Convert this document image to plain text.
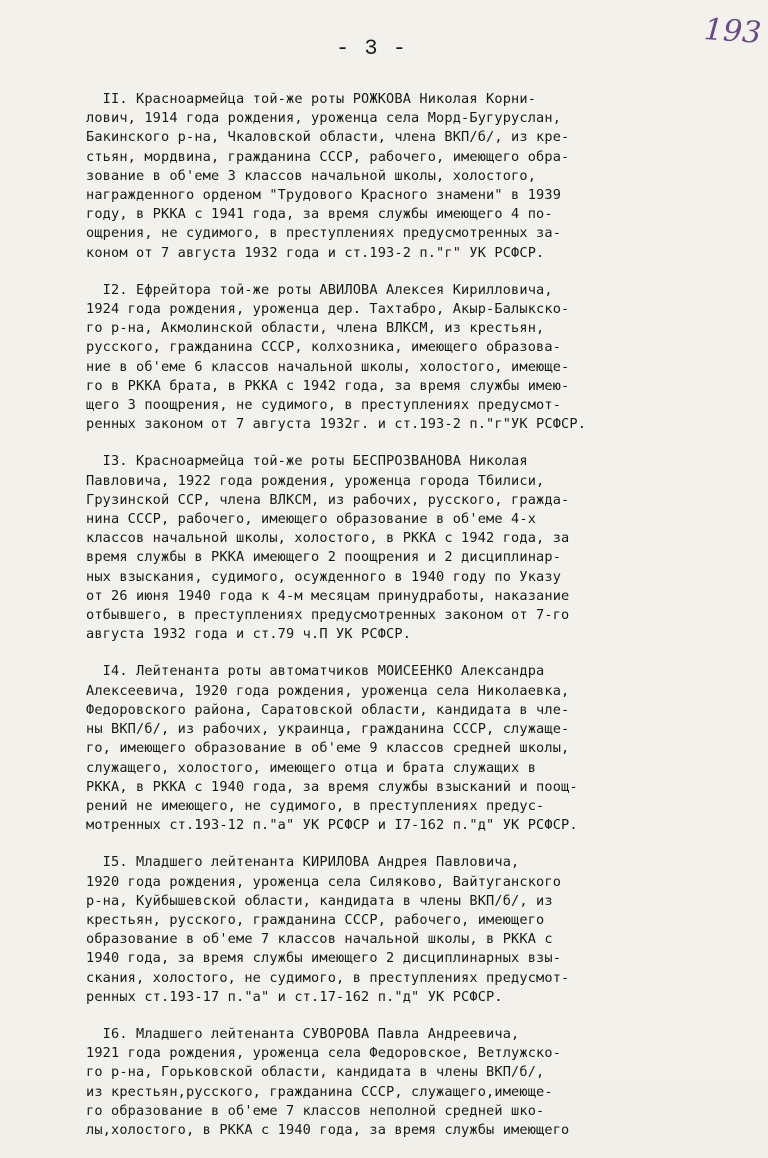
- 3 -	193
II. Красноармейца той-же роты РОЖКОВА Николая Корни-
лович, 1914 года рождения, уроженца села Морд-Бугуруслан,
Бакинского р-на, Чкаловской области, члена ВКП/б/, из кре-
стьян, мордвина, гражданина СССР, рабочего, имеющего обра-
зование в об'еме 3 классов начальной школы, холостого,
награжденного орденом "Трудового Красного знамени" в 1939
году, в РККА с 1941 года, за время службы имеющего 4 по-
ощрения, не судимого, в преступлениях предусмотренных за-
коном от 7 августа 1932 года и ст.193-2 п."г" УК РСФСР.
I2. Ефрейтора той-же роты АВИЛОВА Алексея Кирилловича,
1924 года рождения, уроженца дер. Тахтабро, Акыр-Балыкско-
го р-на, Акмолинской области, члена ВЛКСМ, из крестьян,
русского, гражданина СССР, колхозника, имеющего образова-
ние в об'еме 6 классов начальной школы, холостого, имеюще-
го в РККА брата, в РККА с 1942 года, за время службы имею-
щего 3 поощрения, не судимого, в преступлениях предусмот-
ренных законом от 7 августа 1932г. и ст.193-2 п."г"УК РСФСР.
I3. Красноармейца той-же роты БЕСПРОЗВАНОВА Николая
Павловича, 1922 года рождения, уроженца города Тбилиси,
Грузинской ССР, члена ВЛКСМ, из рабочих, русского, гражда-
нина СССР, рабочего, имеющего образование в об'еме 4-х
классов начальной школы, холостого, в РККА с 1942 года, за
время службы в РККА имеющего 2 поощрения и 2 дисциплинар-
ных взыскания, судимого, осужденного в 1940 году по Указу
от 26 июня 1940 года к 4-м месяцам принудработы, наказание
отбывшего, в преступлениях предусмотренных законом от 7-го
августа 1932 года и ст.79 ч.П УК РСФСР.
I4. Лейтенанта роты автоматчиков МОИСЕЕНКО Александра
Алексеевича, 1920 года рождения, уроженца села Николаевка,
Федоровского района, Саратовской области, кандидата в чле-
ны ВКП/б/, из рабочих, украинца, гражданина СССР, служаще-
го, имеющего образование в об'еме 9 классов средней школы,
служащего, холостого, имеющего отца и брата служащих в
РККА, в РККА с 1940 года, за время службы взысканий и поощ-
рений не имеющего, не судимого, в преступлениях предус-
мотренных ст.193-12 п."а" УК РСФСР и I7-162 п."д" УК РСФСР.
I5. Младшего лейтенанта КИРИЛОВА Андрея Павловича,
1920 года рождения, уроженца села Силяково, Вайтуганского
р-на, Куйбышевской области, кандидата в члены ВКП/б/, из
крестьян, русского, гражданина СССР, рабочего, имеющего
образование в об'еме 7 классов начальной школы, в РККА с
1940 года, за время службы имеющего 2 дисциплинарных взы-
скания, холостого, не судимого, в преступлениях предусмот-
ренных ст.193-17 п."а" и ст.17-162 п."д" УК РСФСР.
I6. Младшего лейтенанта СУВОРОВА Павла Андреевича,
1921 года рождения, уроженца села Федоровское, Ветлужско-
го р-на, Горьковской области, кандидата в члены ВКП/б/,
из крестьян,русского, гражданина СССР, служащего,имеюще-
го образование в об'еме 7 классов неполной средней шко-
лы,холостого, в РККА с 1940 года, за время службы имеющего
